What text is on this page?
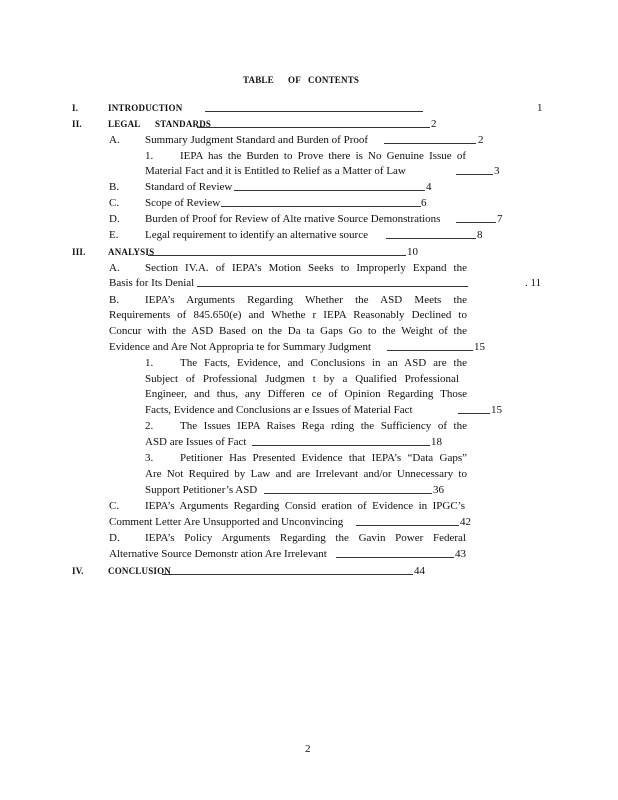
TABLE OF CONTENTS
I.	INTRODUCTION	1
II.	LEGAL STANDARDS	2
A. Summary Judgment Standard and Burden of Proof	2
1. IEPA has the Burden to Prove there is No Genuine Issue of
Material Fact and it is Entitled to Relief as a Matter of Law	3
B. Standard of Review	4
C. Scope of Review	6
D. Burden of Proof for Review of Alte rnative Source Demonstrations	7
E. Legal requirement to identify an alternative source	8
III. ANALYSIS	10
A. Section IV.A. of IEPA’s Motion Seeks to Improperly Expand the
Basis for Its Denial	. 11
B. IEPA’s Arguments Regarding Whether the ASD Meets the
Requirements of 845.650(e) and Whethe r IEPA Reasonably Declined to
Concur with the ASD Based on the Da ta Gaps Go to the Weight of the
Evidence and Are Not Appropria te for Summary Judgment	15
1. The Facts, Evidence, and Conclusions in an ASD are the
Subject of Professional Judgmen t by a Qualified Professional
Engineer, and thus, any Differen ce of Opinion Regarding Those
Facts, Evidence and Conclusions ar e Issues of Material Fact	15
2. The Issues IEPA Raises Rega rding the Sufficiency of the
ASD are Issues of Fact	18
3. Petitioner Has Presented Evidence that IEPA’s “Data Gaps”
Are Not Required by Law and are Irrelevant and/or Unnecessary to
Support Petitioner’s ASD	36
C. IEPA’s Arguments Regarding Consid eration of Evidence in IPGC’s
Comment Letter Are Unsupported and Unconvincing	42
D. IEPA’s Policy Arguments Regarding the Gavin Power Federal
Alternative Source Demonstr ation Are Irrelevant	43
IV.	CONCLUSION	44
2
